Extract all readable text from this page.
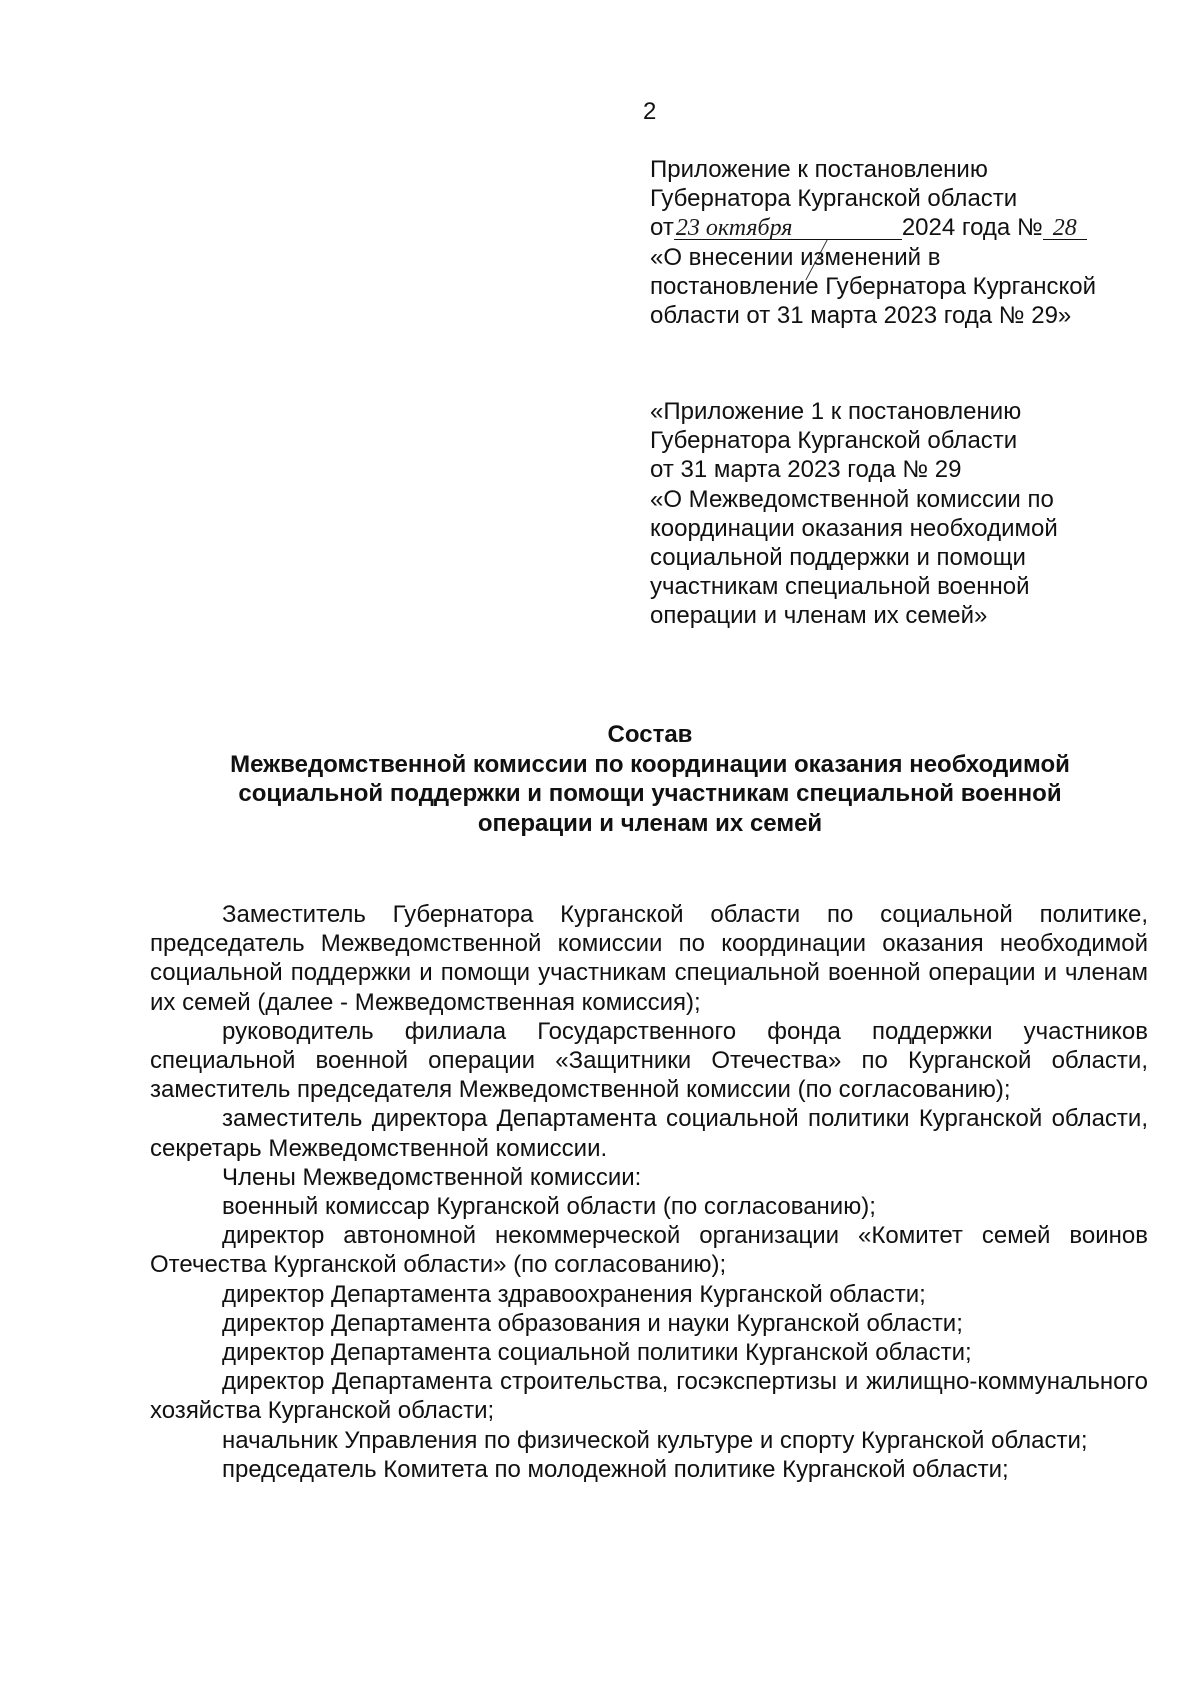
2
Приложение к постановлению
Губернатора Курганской области
от23 октября	2024 года № 28
«О внесении изменений в
постановление Губернатора Курганской
области от 31 марта 2023 года № 29»
«Приложение 1 к постановлению
Губернатора Курганской области
от 31 марта 2023 года № 29
«О Межведомственной комиссии по
координации оказания необходимой
социальной поддержки и помощи
участникам специальной военной
операции и членам их семей»
Состав
Межведомственной комиссии по координации оказания необходимой
социальной поддержки и помощи участникам специальной военной
операции и членам их семей

Заместитель Губернатора Курганской области по социальной политике, председатель Межведомственной комиссии по координации оказания необходимой социальной поддержки и помощи участникам специальной военной операции и членам их семей (далее - Межведомственная комиссия);

руководитель филиала Государственного фонда поддержки участников специальной военной операции «Защитники Отечества» по Курганской области, заместитель председателя Межведомственной комиссии (по согласованию);

заместитель директора Департамента социальной политики Курганской области, секретарь Межведомственной комиссии.

Члены Межведомственной комиссии:

военный комиссар Курганской области (по согласованию);

директор автономной некоммерческой организации «Комитет семей воинов Отечества Курганской области» (по согласованию);

директор Департамента здравоохранения Курганской области;

директор Департамента образования и науки Курганской области;

директор Департамента социальной политики Курганской области;

директор Департамента строительства, госэкспертизы и жилищно-коммунального хозяйства Курганской области;

начальник Управления по физической культуре и спорту Курганской области;

председатель Комитета по молодежной политике Курганской области;
